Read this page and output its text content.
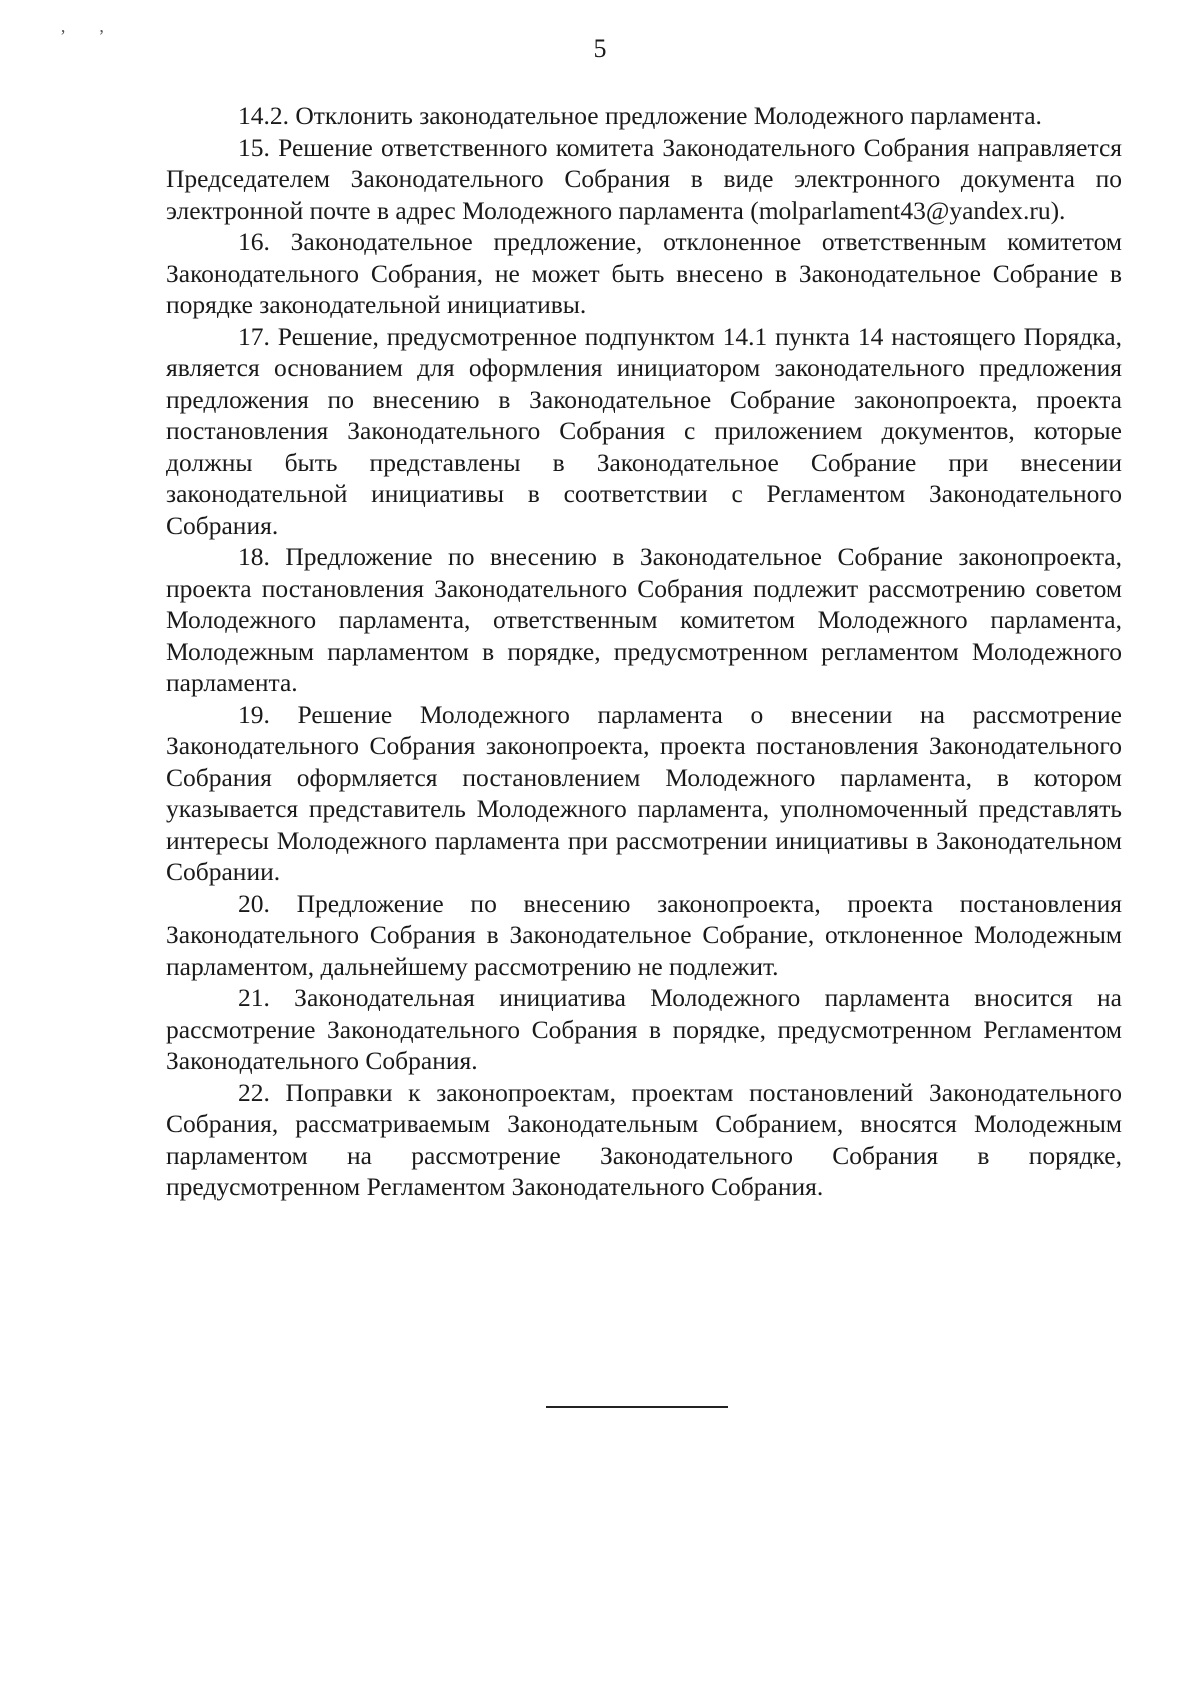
‚ ‚
5

14.2. Отклонить законодательное предложение Молодежного парламента.

15. Решение ответственного комитета Законодательного Собрания направляется Председателем Законодательного Собрания в виде электронного документа по электронной почте в адрес Молодежного парламента (molparlament43@yandex.ru).

16. Законодательное предложение, отклоненное ответственным комитетом Законодательного Собрания, не может быть внесено в Законодательное Собрание в порядке законодательной инициативы.

17. Решение, предусмотренное подпунктом 14.1 пункта 14 настоящего Порядка, является основанием для оформления инициатором законодательного предложения предложения по внесению в Законодательное Собрание законопроекта, проекта постановления Законодательного Собрания с приложением документов, которые должны быть представлены в Законодательное Собрание при внесении законодательной инициативы в соответствии с Регламентом Законодательного Собрания.

18. Предложение по внесению в Законодательное Собрание законопроекта, проекта постановления Законодательного Собрания подлежит рассмотрению советом Молодежного парламента, ответственным комитетом Молодежного парламента, Молодежным парламентом в порядке, предусмотренном регламентом Молодежного парламента.

19. Решение Молодежного парламента о внесении на рассмотрение Законодательного Собрания законопроекта, проекта постановления Законодательного Собрания оформляется постановлением Молодежного парламента, в котором указывается представитель Молодежного парламента, уполномоченный представлять интересы Молодежного парламента при рассмотрении инициативы в Законодательном Собрании.

20. Предложение по внесению законопроекта, проекта постановления Законодательного Собрания в Законодательное Собрание, отклоненное Молодежным парламентом, дальнейшему рассмотрению не подлежит.

21. Законодательная инициатива Молодежного парламента вносится на рассмотрение Законодательного Собрания в порядке, предусмотренном Регламентом Законодательного Собрания.

22. Поправки к законопроектам, проектам постановлений Законодательного Собрания, рассматриваемым Законодательным Собранием, вносятся Молодежным парламентом на рассмотрение Законодательного Собрания в порядке, предусмотренном Регламентом Законодательного Собрания.
